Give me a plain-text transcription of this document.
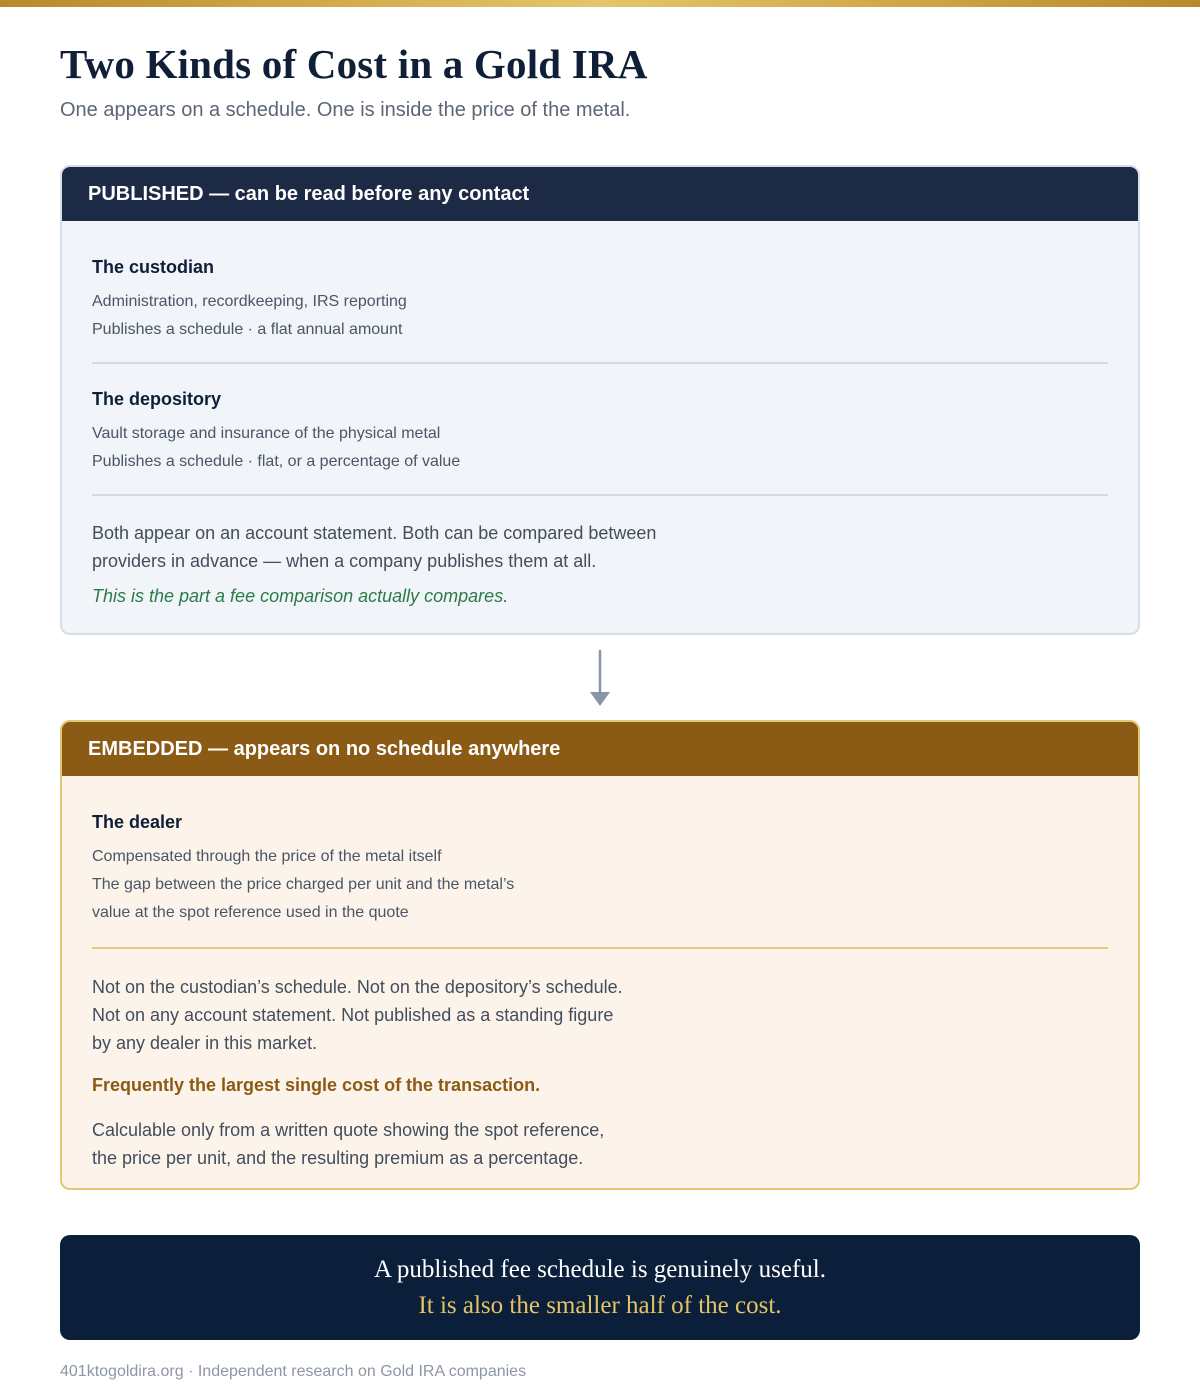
Two Kinds of Cost in a Gold IRA

One appears on a schedule. One is inside the price of the metal.

PUBLISHED — can be read before any contact
The custodian
Administration, recordkeeping, IRS reporting
Publishes a schedule · a flat annual amount
The depository
Vault storage and insurance of the physical metal
Publishes a schedule · flat, or a percentage of value
Both appear on an account statement. Both can be compared between
providers in advance — when a company publishes them at all.
This is the part a fee comparison actually compares.
EMBEDDED — appears on no schedule anywhere
The dealer
Compensated through the price of the metal itself
The gap between the price charged per unit and the metal’s
value at the spot reference used in the quote
Not on the custodian’s schedule. Not on the depository’s schedule.
Not on any account statement. Not published as a standing figure
by any dealer in this market.
Frequently the largest single cost of the transaction.
Calculable only from a written quote showing the spot reference,
the price per unit, and the resulting premium as a percentage.
A published fee schedule is genuinely useful.
It is also the smaller half of the cost.
401ktogoldira.org · Independent research on Gold IRA companies
